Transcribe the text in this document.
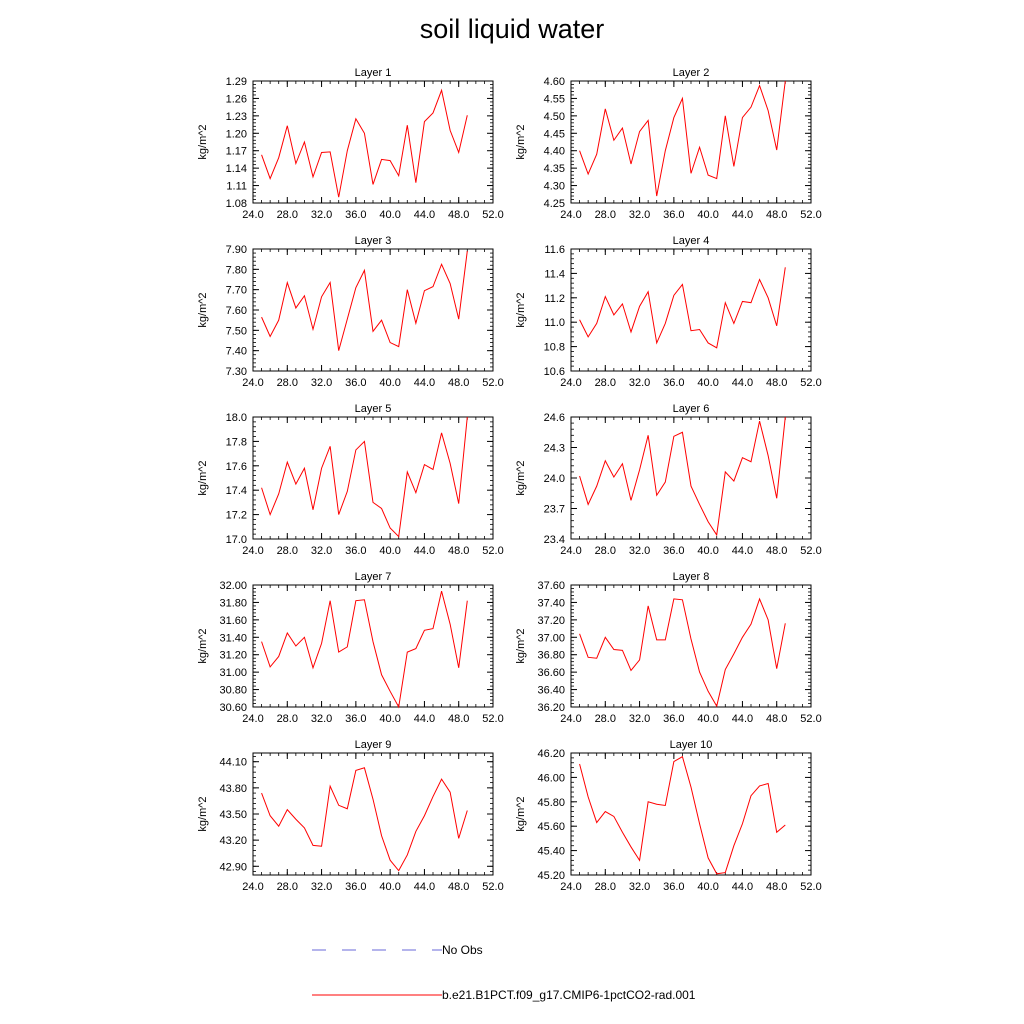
soil liquid water
Layer 1
kg/m^2
24.0 28.0 32.0 36.0 40.0 44.0 48.0 52.0
1.08
1.11
1.14
1.17
1.20
1.23
1.26
1.29
Layer 2
kg/m^2
24.0 28.0 32.0 36.0 40.0 44.0 48.0 52.0
4.25
4.30
4.35
4.40
4.45
4.50
4.55
4.60
Layer 3
kg/m^2
24.0 28.0 32.0 36.0 40.0 44.0 48.0 52.0
7.30
7.40
7.50
7.60
7.70
7.80
7.90
Layer 4
kg/m^2
24.0 28.0 32.0 36.0 40.0 44.0 48.0 52.0
10.6
10.8
11.0
11.2
11.4
11.6
Layer 5
kg/m^2
24.0 28.0 32.0 36.0 40.0 44.0 48.0 52.0
17.0
17.2
17.4
17.6
17.8
18.0
Layer 6
kg/m^2
24.0 28.0 32.0 36.0 40.0 44.0 48.0 52.0
23.4
23.7
24.0
24.3
24.6
Layer 7
kg/m^2
24.0 28.0 32.0 36.0 40.0 44.0 48.0 52.0
30.60
30.80
31.00
31.20
31.40
31.60
31.80
32.00
Layer 8
kg/m^2
24.0 28.0 32.0 36.0 40.0 44.0 48.0 52.0
36.20
36.40
36.60
36.80
37.00
37.20
37.40
37.60
Layer 9
kg/m^2
24.0 28.0 32.0 36.0 40.0 44.0 48.0 52.0
42.90
43.20
43.50
43.80
44.10
Layer 10
kg/m^2
24.0 28.0 32.0 36.0 40.0 44.0 48.0 52.0
45.20
45.40
45.60
45.80
46.00
46.20
No Obs
b.e21.B1PCT.f09_g17.CMIP6-1pctCO2-rad.001
